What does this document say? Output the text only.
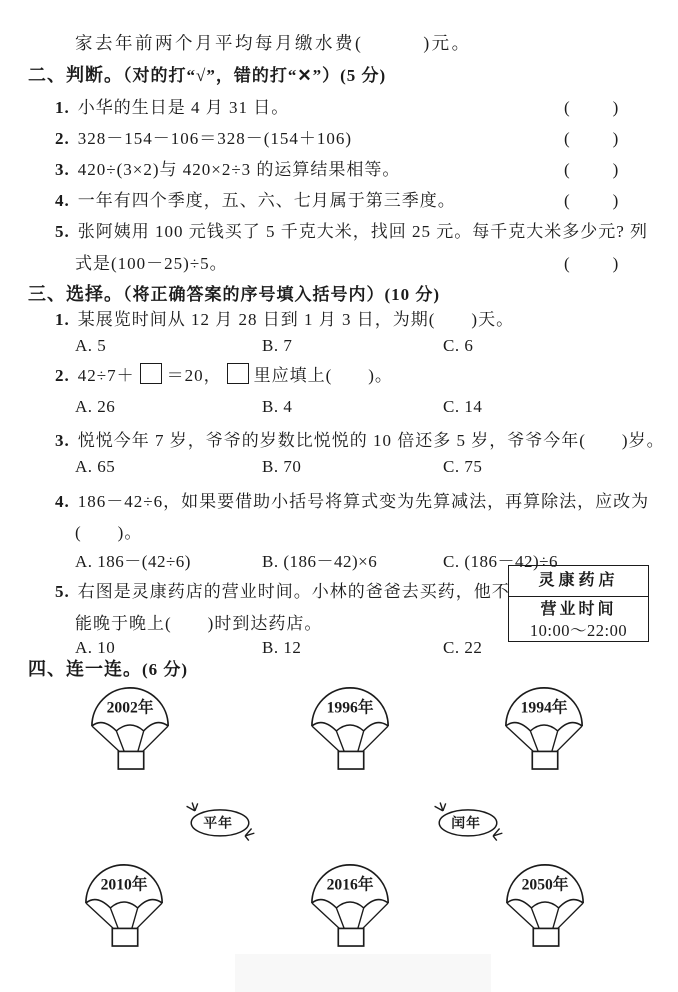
家去年前两个月平均每月缴水费(　　　)元。
二、判断。（对的打“√”，错的打“✕”）(5 分)
1. 小华的生日是 4 月 31 日。	(　　)
2. 328－154－106＝328－(154＋106)	(　　)
3. 420÷(3×2)与 420×2÷3 的运算结果相等。	(　　)
4. 一年有四个季度，五、六、七月属于第三季度。	(　　)
5. 张阿姨用 100 元钱买了 5 千克大米，找回 25 元。每千克大米多少元? 列
式是(100－25)÷5。	(　　)
三、选择。（将正确答案的序号填入括号内）(10 分)
1. 某展览时间从 12 月 28 日到 1 月 3 日，为期(　　)天。
A. 5	B. 7	C. 6
2. 42÷7＋ ＝20， 里应填上(　　)。
A. 26	B. 4	C. 14
3. 悦悦今年 7 岁，爷爷的岁数比悦悦的 10 倍还多 5 岁，爷爷今年(　　)岁。
A. 65	B. 70	C. 75
4. 186－42÷6，如果要借助小括号将算式变为先算减法，再算除法，应改为
(　　)。
A. 186－(42÷6)	B. (186－42)×6	C. (186－42)÷6
5. 右图是灵康药店的营业时间。小林的爸爸去买药，他不
能晚于晚上(　　)时到达药店。
A. 10	B. 12	C. 22
灵康药店
营业时间
10:00～22:00
四、连一连。(6 分)
2002年	1996年	1994年
平年	闰年
2010年	2016年	2050年
